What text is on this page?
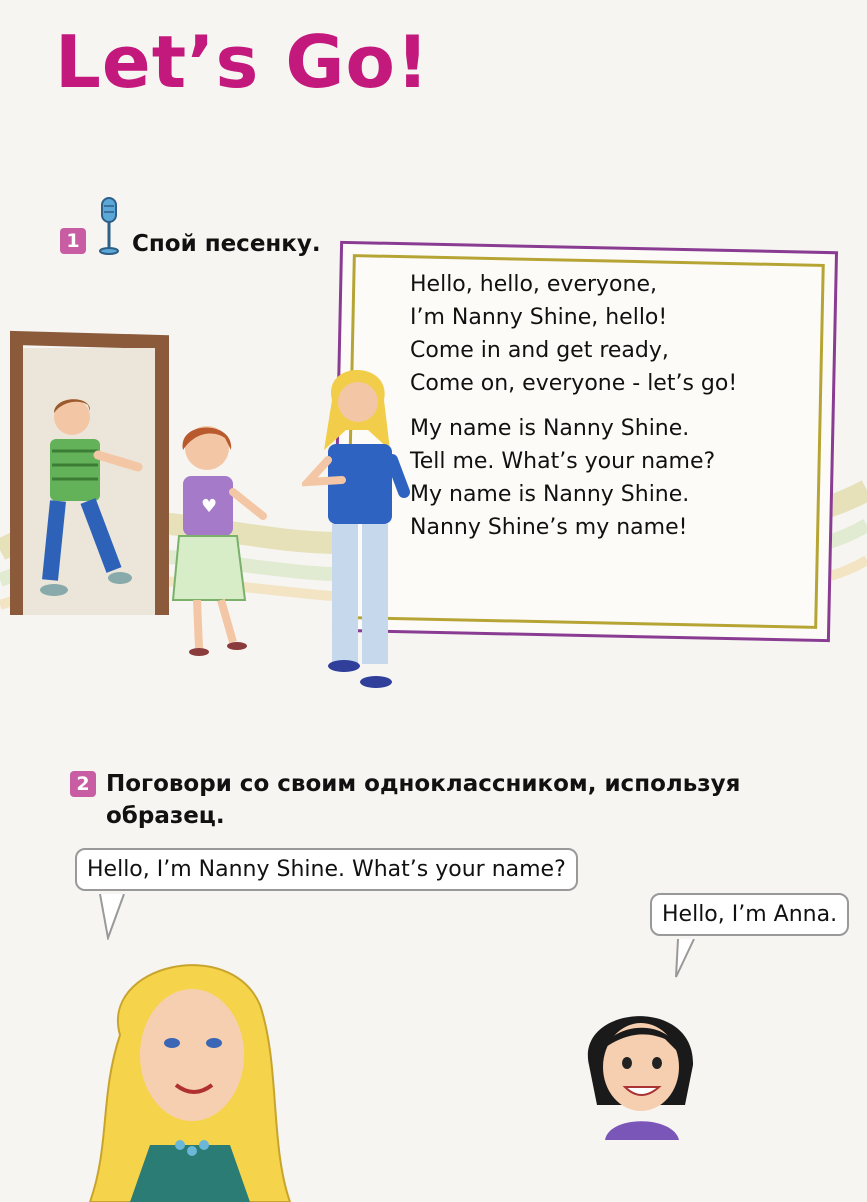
Let’s Go!
1 Спой песенку.
♥
Hello, hello, everyone,
I’m Nanny Shine, hello!
Come in and get ready,
Come on, everyone - let’s go!
My name is Nanny Shine.
Tell me. What’s your name?
My name is Nanny Shine.
Nanny Shine’s my name!
2 Поговори со своим одноклассником, используя
образец.
Hello, I’m Nanny Shine. What’s your name?
Hello, I’m Anna.
